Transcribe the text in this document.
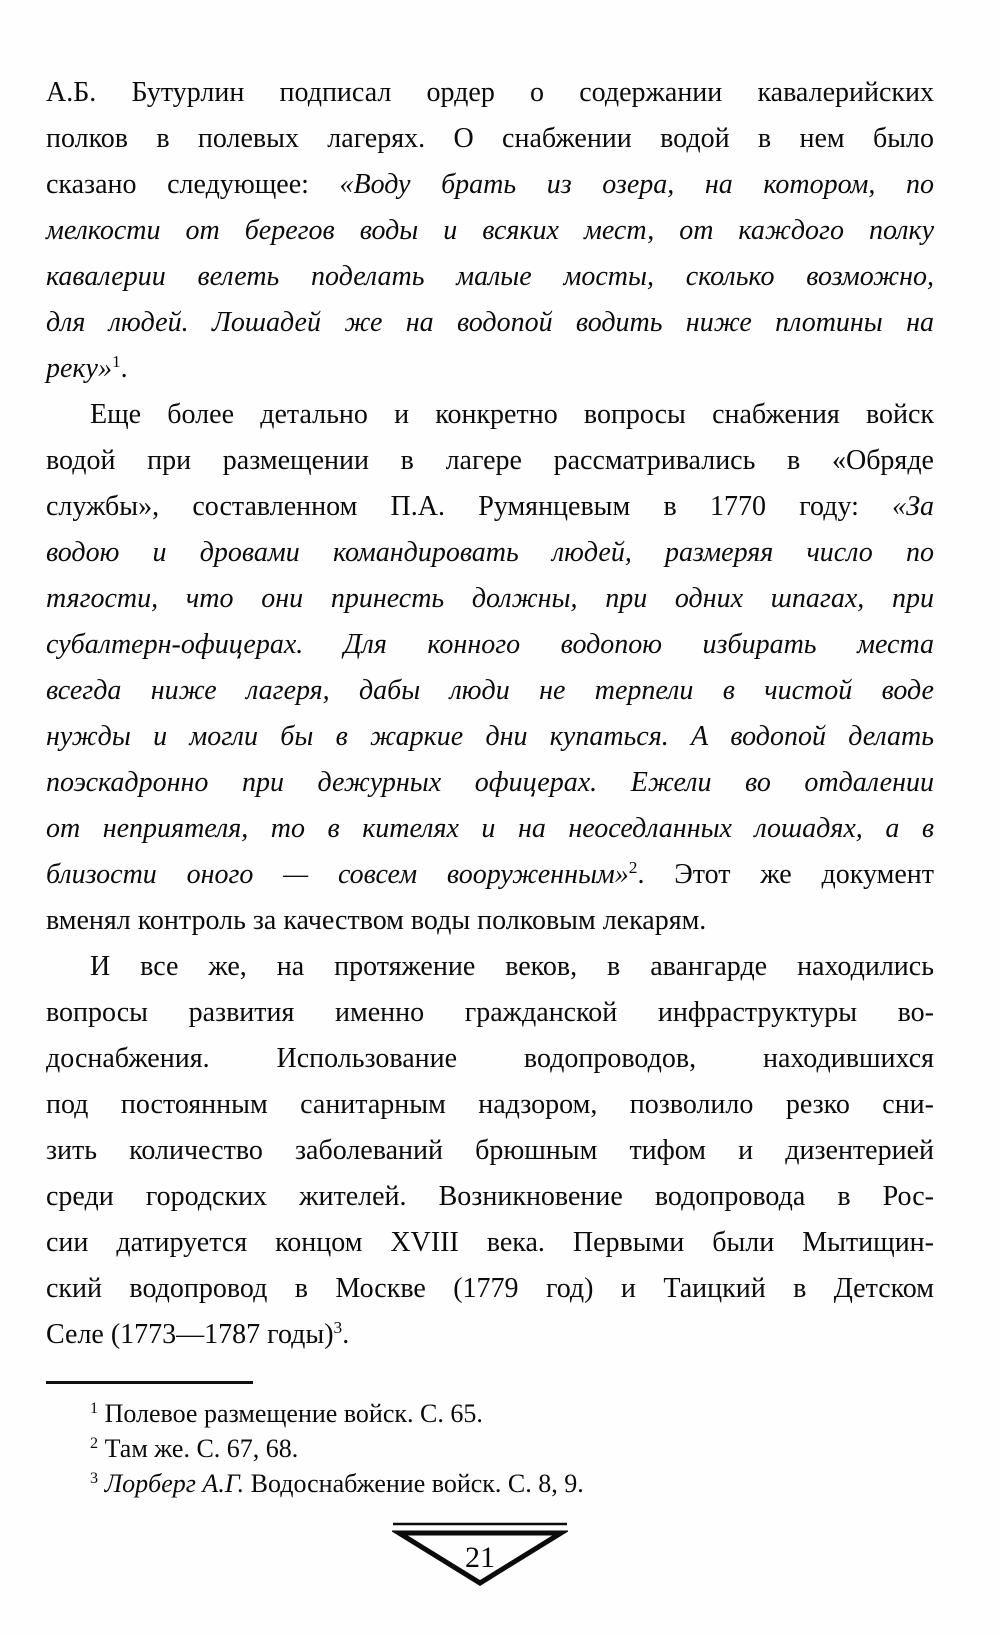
А.Б. Бутурлин подписал ордер о содержании кавалерийских
полков в полевых лагерях. О снабжении водой в нем было
сказано следующее: «Воду брать из озера, на котором, по
мелкости от берегов воды и всяких мест, от каждого полку
кавалерии велеть поделать малые мосты, сколько возможно,
для людей. Лошадей же на водопой водить ниже плотины на
реку»$^1$.
Еще более детально и конкретно вопросы снабжения войск
водой при размещении в лагере рассматривались в «Обряде
службы», составленном П.А. Румянцевым в 1770 году: «За
водою и дровами командировать людей, размеряя число по
тягости, что они принесть должны, при одних шпагах, при
субалтерн-офицерах. Для конного водопою избирать места
всегда ниже лагеря, дабы люди не терпели в чистой воде
нужды и могли бы в жаркие дни купаться. А водопой делать
поэскадронно при дежурных офицерах. Ежели во отдалении
от неприятеля, то в кителях и на неоседланных лошадях, а в
близости оного — совсем вооруженным»$^2$. Этот же документ
вменял контроль за качеством воды полковым лекарям.
И все же, на протяжение веков, в авангарде находились
вопросы развития именно гражданской инфраструктуры во-
доснабжения. Использование водопроводов, находившихся
под постоянным санитарным надзором, позволило резко сни-
зить количество заболеваний брюшным тифом и дизентерией
среди городских жителей. Возникновение водопровода в Рос-
сии датируется концом XVIII века. Первыми были Мытищин-
ский водопровод в Москве (1779 год) и Таицкий в Детском
Селе (1773—1787 годы)$^3$.
$^1$ Полевое размещение войск. С. 65.
$^2$ Там же. С. 67, 68.
$^3$ Лорберг А.Г. Водоснабжение войск. С. 8, 9.
21
